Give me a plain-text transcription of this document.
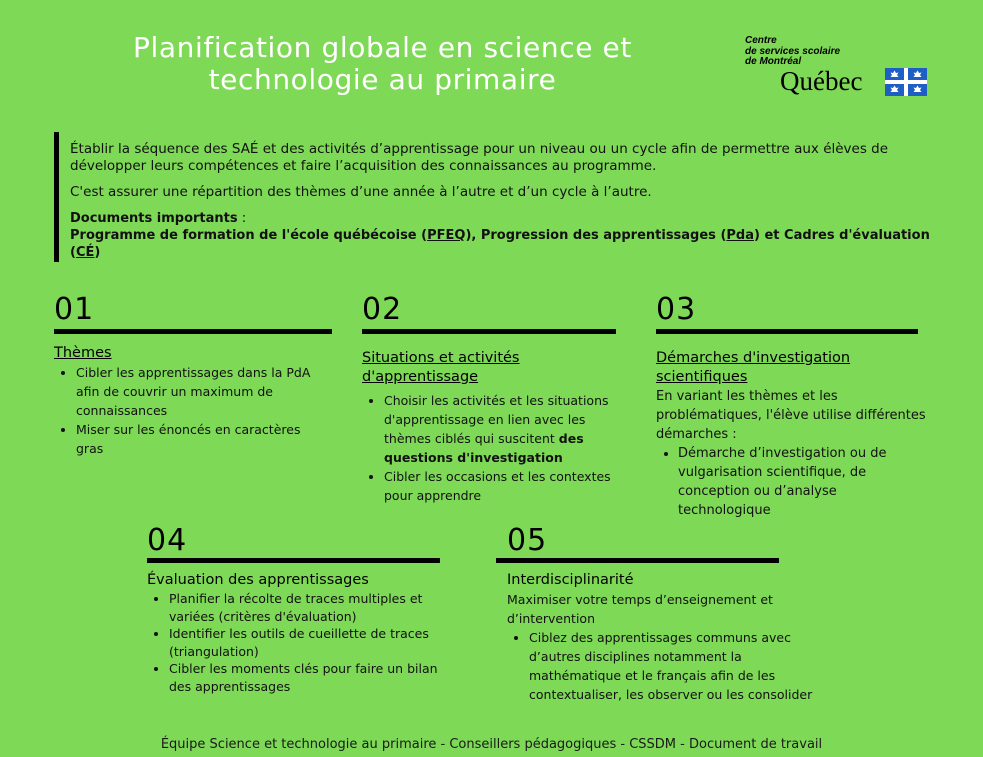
Planification globale en science et
technologie au primaire
Centre
de services scolaire
de Montréal
Québec

Établir la séquence des SAÉ et des activités d’apprentissage pour un niveau ou un cycle afin de permettre aux élèves de développer leurs compétences et faire l’acquisition des connaissances au programme.

C'est assurer une répartition des thèmes d’une année à l’autre et d’un cycle à l’autre.

Documents importants :

Programme de formation de l'école québécoise (PFEQ), Progression des apprentissages (Pda) et Cadres d'évaluation (CÉ)

01
Thèmes
• Cibler les apprentissages dans la PdA afin de couvrir un maximum de connaissances
• Miser sur les énoncés en caractères gras
02
Situations et activités
d'apprentissage
• Choisir les activités et les situations d'apprentissage en lien avec les thèmes ciblés qui suscitent des questions d'investigation
• Cibler les occasions et les contextes pour apprendre
03
Démarches d'investigation
scientifiques
En variant les thèmes et les problématiques, l'élève utilise différentes démarches :
• Démarche d’investigation ou de vulgarisation scientifique, de conception ou d’analyse technologique
04
Évaluation des apprentissages
• Planifier la récolte de traces multiples et variées (critères d'évaluation)
• Identifier les outils de cueillette de traces (triangulation)
• Cibler les moments clés pour faire un bilan des apprentissages
05
Interdisciplinarité
Maximiser votre temps d’enseignement et d’intervention
• Ciblez des apprentissages communs avec d’autres disciplines notamment la mathématique et le français afin de les contextualiser, les observer ou les consolider
Équipe Science et technologie au primaire - Conseillers pédagogiques - CSSDM - Document de travail
